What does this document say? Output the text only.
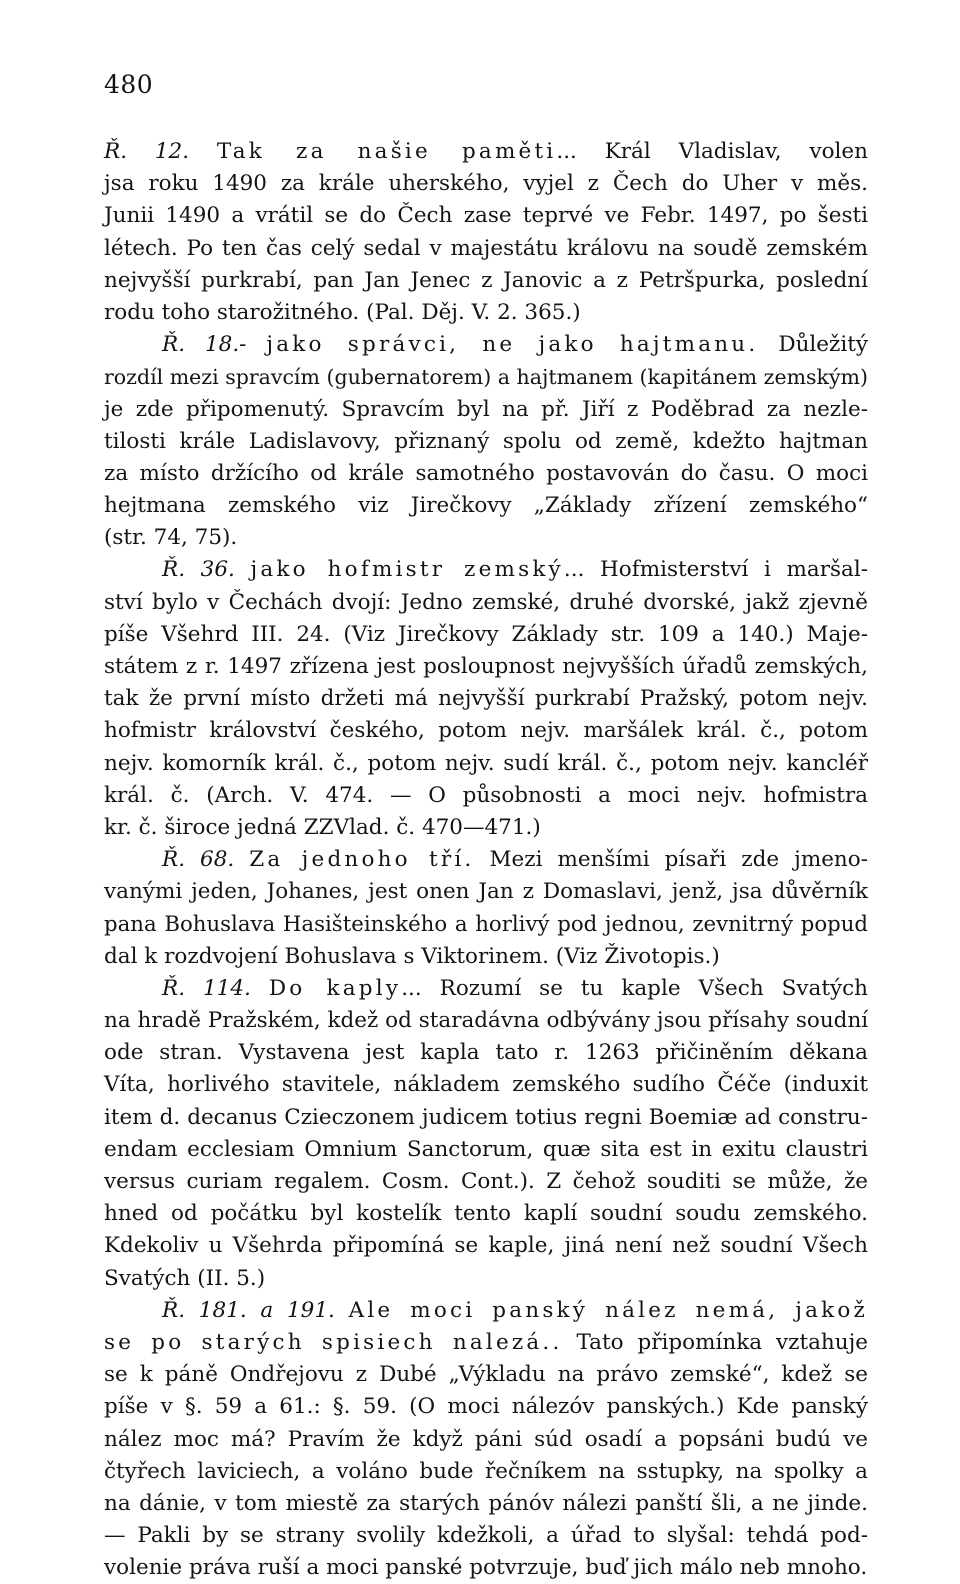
480
Ř. 12. Tak za našie paměti... Král Vladislav, volen
jsa roku 1490 za krále uherského, vyjel z Čech do Uher v měs.
Junii 1490 a vrátil se do Čech zase teprvé ve Febr. 1497, po šesti
létech. Po ten čas celý sedal v majestátu královu na soudě zemském
nejvyšší purkrabí, pan Jan Jenec z Janovic a z Petršpurka, poslední
rodu toho starožitného. (Pal. Děj. V. 2. 365.)
Ř. 18.- jako správci, ne jako hajtmanu. Důležitý
rozdíl mezi spravcím (gubernatorem) a hajtmanem (kapitánem zemským)
je zde připomenutý. Spravcím byl na př. Jiří z Poděbrad za nezle-
tilosti krále Ladislavovy, přiznaný spolu od země, kdežto hajtman
za místo držícího od krále samotného postavován do času. O moci
hejtmana zemského viz Jirečkovy „Základy zřízení zemského“
(str. 74, 75).
Ř. 36. jako hofmistr zemský... Hofmisterství i maršal-
ství bylo v Čechách dvojí: Jedno zemské, druhé dvorské, jakž zjevně
píše Všehrd III. 24. (Viz Jirečkovy Základy str. 109 a 140.) Maje-
státem z r. 1497 zřízena jest posloupnost nejvyšších úřadů zemských,
tak že první místo držeti má nejvyšší purkrabí Pražský, potom nejv.
hofmistr království českého, potom nejv. maršálek král. č., potom
nejv. komorník král. č., potom nejv. sudí král. č., potom nejv. kancléř
král. č. (Arch. V. 474. — O působnosti a moci nejv. hofmistra
kr. č. široce jedná ZZVlad. č. 470—471.)
Ř. 68. Za jednoho tří. Mezi menšími písaři zde jmeno-
vanými jeden, Johanes, jest onen Jan z Domaslavi, jenž, jsa důvěrník
pana Bohuslava Hasišteinského a horlivý pod jednou, zevnitrný popud
dal k rozdvojení Bohuslava s Viktorinem. (Viz Životopis.)
Ř. 114. Do kaply... Rozumí se tu kaple Všech Svatých
na hradě Pražském, kdež od staradávna odbývány jsou přísahy soudní
ode stran. Vystavena jest kapla tato r. 1263 přičiněním děkana
Víta, horlivého stavitele, nákladem zemského sudího Čéče (induxit
item d. decanus Czieczonem judicem totius regni Boemiæ ad constru-
endam ecclesiam Omnium Sanctorum, quæ sita est in exitu claustri
versus curiam regalem. Cosm. Cont.). Z čehož souditi se může, že
hned od počátku byl kostelík tento kaplí soudní soudu zemského.
Kdekoliv u Všehrda připomíná se kaple, jiná není než soudní Všech
Svatých (II. 5.)
Ř. 181. a 191. Ale moci panský nález nemá, jakož
se po starých spisiech nalezá.. Tato připomínka vztahuje
se k páně Ondřejovu z Dubé „Výkladu na právo zemské“, kdež se
píše v §. 59 a 61.: §. 59. (O moci nálezóv panských.) Kde panský
nález moc má? Pravím že když páni súd osadí a popsáni budú ve
čtyřech laviciech, a voláno bude řečníkem na sstupky, na spolky a
na dánie, v tom miestě za starých pánóv nálezi panští šli, a ne jinde.
— Pakli by se strany svolily kdežkoli, a úřad to slyšal: tehdá pod-
volenie práva ruší a moci panské potvrzuje, buď jich málo neb mnoho.
